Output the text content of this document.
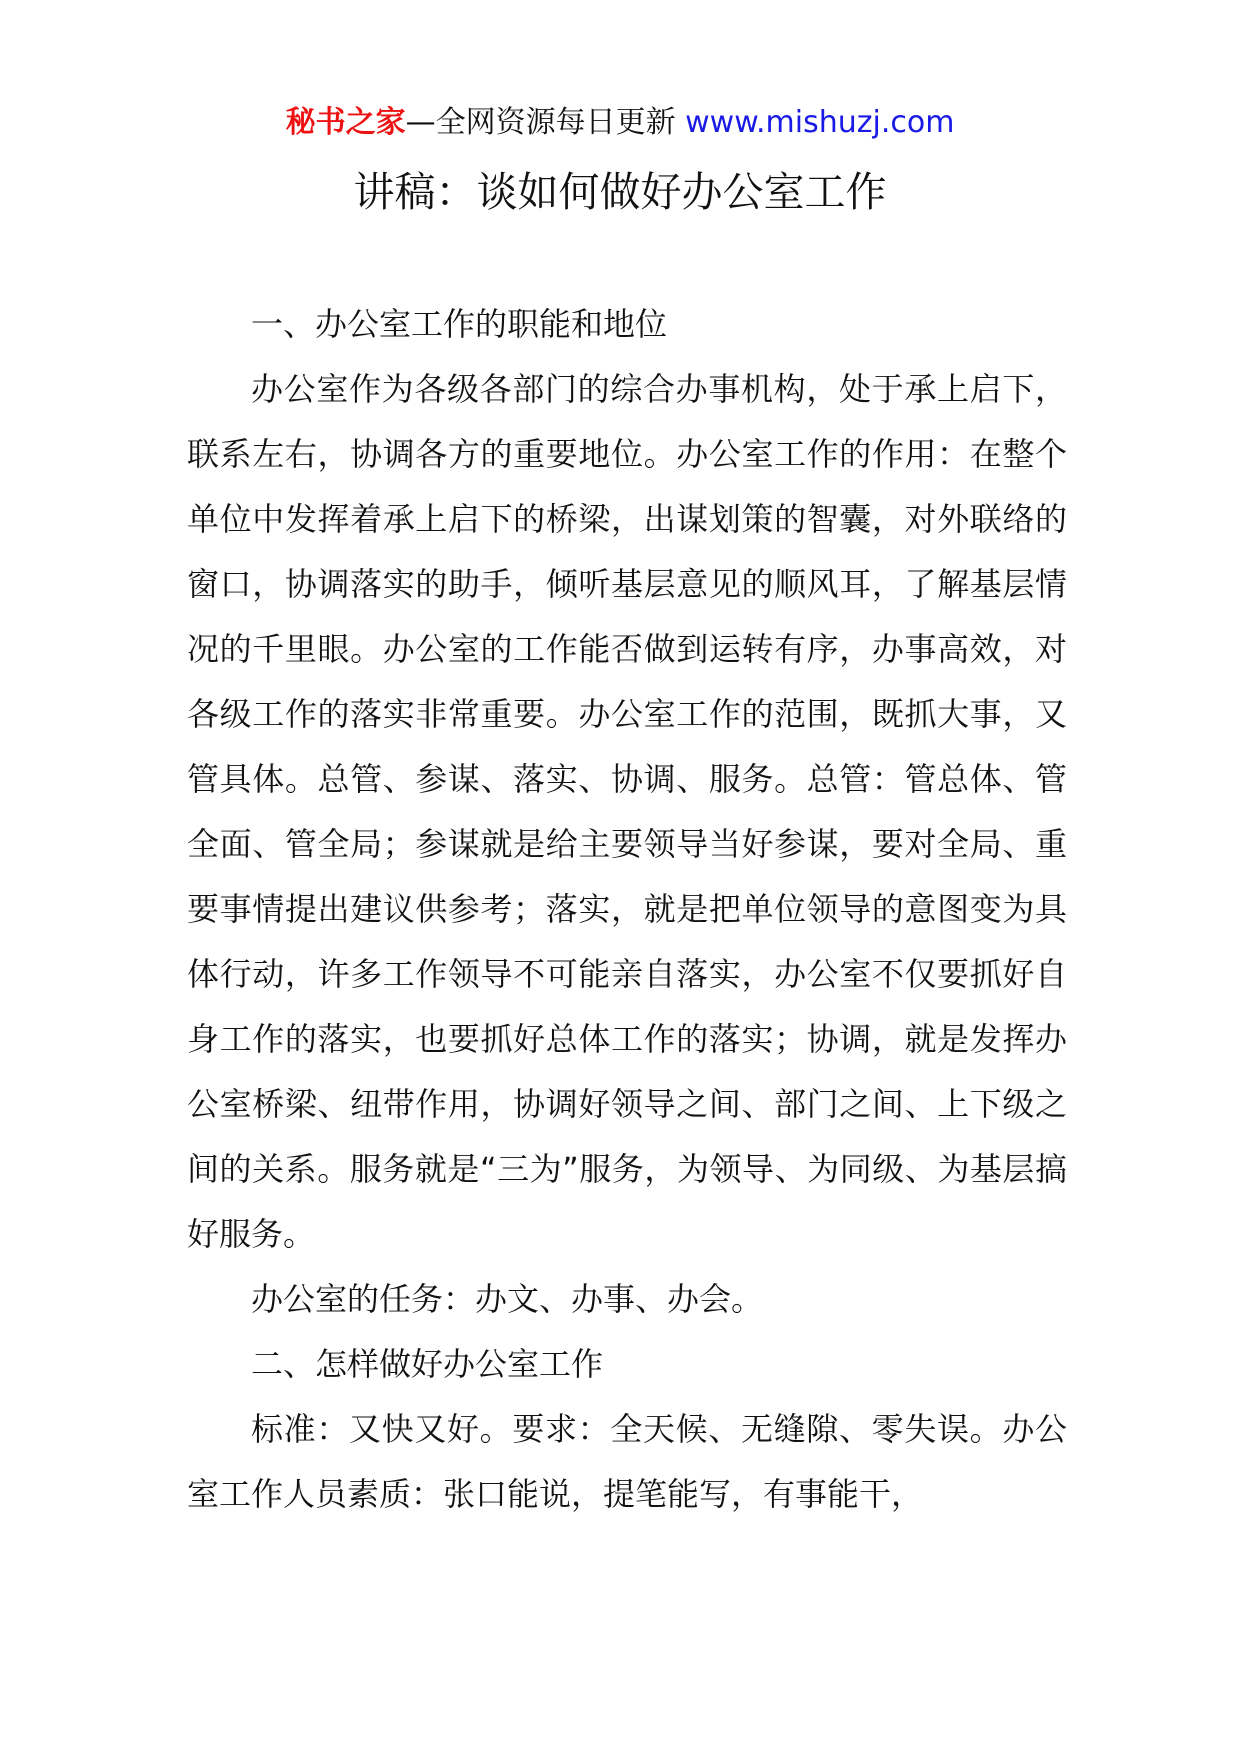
秘书之家—全网资源每日更新 www.mishuzj.com
讲稿：谈如何做好办公室工作

一、办公室工作的职能和地位

办公室作为各级各部门的综合办事机构，处于承上启下，联系左右，协调各方的重要地位。办公室工作的作用：在整个单位中发挥着承上启下的桥梁，出谋划策的智囊，对外联络的窗口，协调落实的助手，倾听基层意见的顺风耳，了解基层情况的千里眼。办公室的工作能否做到运转有序，办事高效，对各级工作的落实非常重要。办公室工作的范围，既抓大事，又管具体。总管、参谋、落实、协调、服务。总管：管总体、管全面、管全局；参谋就是给主要领导当好参谋，要对全局、重要事情提出建议供参考；落实，就是把单位领导的意图变为具体行动，许多工作领导不可能亲自落实，办公室不仅要抓好自身工作的落实，也要抓好总体工作的落实；协调，就是发挥办公室桥梁、纽带作用，协调好领导之间、部门之间、上下级之间的关系。服务就是“三为”服务，为领导、为同级、为基层搞好服务。

办公室的任务：办文、办事、办会。

二、怎样做好办公室工作

标准：又快又好。要求：全天候、无缝隙、零失误。办公室工作人员素质：张口能说，提笔能写，有事能干，
